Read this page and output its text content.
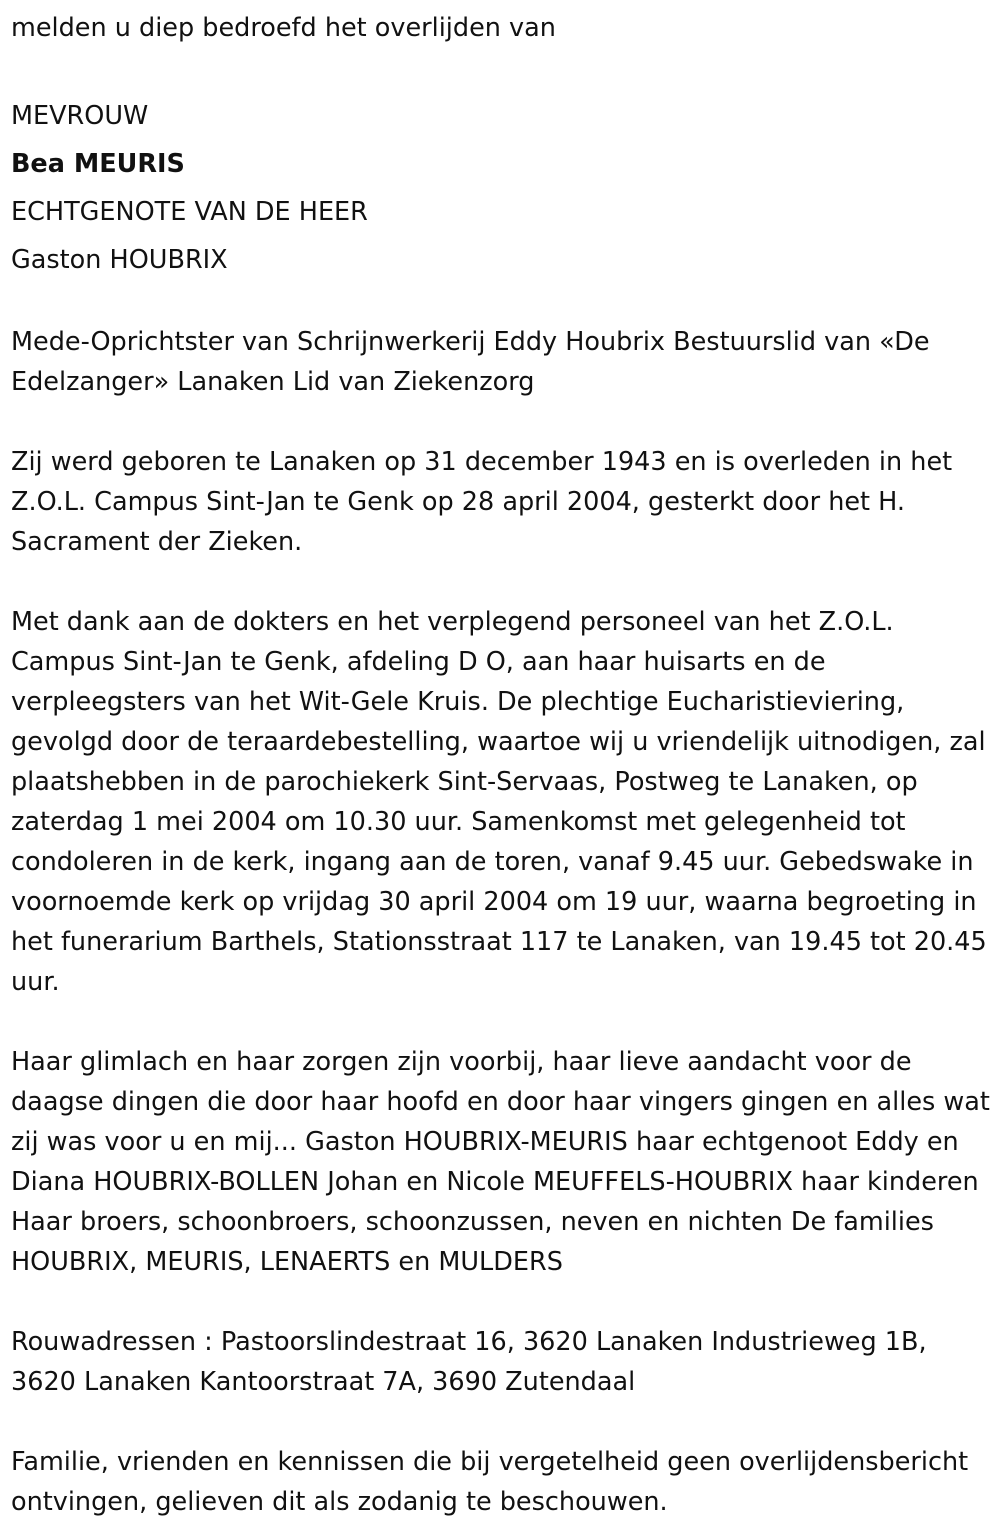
melden u diep bedroefd het overlijden van
MEVROUW
Bea MEURIS
ECHTGENOTE VAN DE HEER
Gaston HOUBRIX

Mede-Oprichtster van Schrijnwerkerij Eddy Houbrix Bestuurslid van «De Edelzanger» Lanaken Lid van Ziekenzorg

Zij werd geboren te Lanaken op 31 december 1943 en is overleden in het Z.O.L. Campus Sint-Jan te Genk op 28 april 2004, gesterkt door het H. Sacrament der Zieken.

Met dank aan de dokters en het verplegend personeel van het Z.O.L. Campus Sint-Jan te Genk, afdeling D O, aan haar huisarts en de verpleegsters van het Wit-Gele Kruis. De plechtige Eucharistieviering, gevolgd door de teraardebestelling, waartoe wij u vriendelijk uitnodigen, zal plaatshebben in de parochiekerk Sint-Servaas, Postweg te Lanaken, op zaterdag 1 mei 2004 om 10.30 uur. Samenkomst met gelegenheid tot condoleren in de kerk, ingang aan de toren, vanaf 9.45 uur. Gebedswake in voornoemde kerk op vrijdag 30 april 2004 om 19 uur, waarna begroeting in het funerarium Barthels, Stationsstraat 117 te Lanaken, van 19.45 tot 20.45 uur.

Haar glimlach en haar zorgen zijn voorbij, haar lieve aandacht voor de daagse dingen die door haar hoofd en door haar vingers gingen en alles wat zij was voor u en mij... Gaston HOUBRIX-MEURIS haar echtgenoot Eddy en Diana HOUBRIX-BOLLEN Johan en Nicole MEUFFELS-HOUBRIX haar kinderen Haar broers, schoonbroers, schoonzussen, neven en nichten De families HOUBRIX, MEURIS, LENAERTS en MULDERS

Rouwadressen : Pastoorslindestraat 16, 3620 Lanaken Industrieweg 1B, 3620 Lanaken Kantoorstraat 7A, 3690 Zutendaal

Familie, vrienden en kennissen die bij vergetelheid geen overlijdensbericht ontvingen, gelieven dit als zodanig te beschouwen.
